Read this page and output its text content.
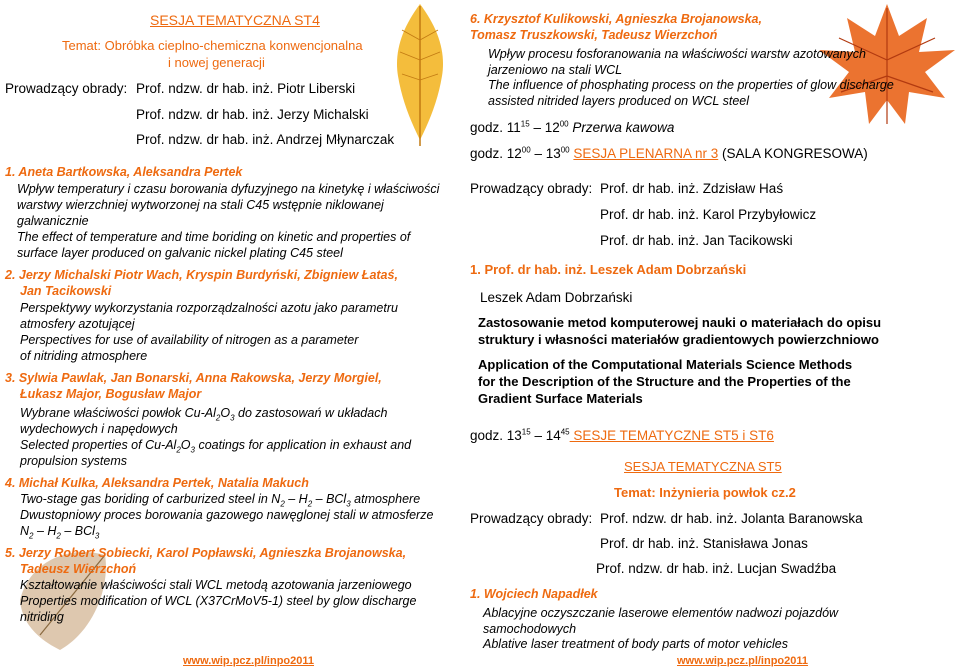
SESJA TEMATYCZNA ST4
Temat: Obróbka cieplno-chemiczna konwencjonalna
i nowej generacji
Prowadzący obrady: Prof. ndzw. dr hab. inż. Piotr Liberski
Prof. ndzw. dr hab. inż. Jerzy Michalski
Prof. ndzw. dr hab. inż. Andrzej Młynarczak
1. Aneta Bartkowska, Aleksandra Pertek
Wpływ temperatury i czasu borowania dyfuzyjnego na kinetykę i właściwości
warstwy wierzchniej wytworzonej na stali C45 wstępnie niklowanej
galwanicznie
The effect of temperature and time boriding on kinetic and properties of
surface layer produced on galvanic nickel plating C45 steel
2. Jerzy Michalski Piotr Wach, Kryspin Burdyński, Zbigniew Łataś,
Jan Tacikowski
Perspektywy wykorzystania rozporządzalności azotu jako parametru
atmosfery azotującej
Perspectives for use of availability of nitrogen as a parameter
of nitriding atmosphere
3. Sylwia Pawlak, Jan Bonarski, Anna Rakowska, Jerzy Morgiel,
Łukasz Major, Bogusław Major
Wybrane właściwości powłok $Cu-Al_2O_3$ do zastosowań w układach
wydechowych i napędowych
Selected properties of $Cu-Al_2O_3$ coatings for application in exhaust and
propulsion systems
4. Michał Kulka, Aleksandra Pertek, Natalia Makuch
Two-stage gas boriding of carburized steel in $N_2 - H_2 - BCl_3$ atmosphere
Dwustopniowy proces borowania gazowego nawęglonej stali w atmosferze
$N_2 - H_2 - BCl_3$
5. Jerzy Robert Sobiecki, Karol Popławski, Agnieszka Brojanowska,
Tadeusz Wierzchoń
Kształtowanie właściwości stali WCL metodą azotowania jarzeniowego
Properties modification of WCL (X37CrMoV5-1) steel by glow discharge
nitriding
www.wip.pcz.pl/inpo2011
6. Krzysztof Kulikowski, Agnieszka Brojanowska,
Tomasz Truszkowski, Tadeusz Wierzchoń
Wpływ procesu fosforanowania na właściwości warstw azotowanych
jarzeniowo na stali WCL
The influence of phosphating process on the properties of glow discharge
assisted nitrided layers produced on WCL steel
godz. $11^{15} - 12^{00}$ Przerwa kawowa
godz. $12^{00} - 13^{00}$ SESJA PLENARNA nr 3 (SALA KONGRESOWA)
Prowadzący obrady: Prof. dr hab. inż. Zdzisław Haś
Prof. dr hab. inż. Karol Przybyłowicz
Prof. dr hab. inż. Jan Tacikowski
1. Prof. dr hab. inż. Leszek Adam Dobrzański
Leszek Adam Dobrzański
Zastosowanie metod komputerowej nauki o materiałach do opisu
struktury i własności materiałów gradientowych powierzchniowo
Application of the Computational Materials Science Methods
for the Description of the Structure and the Properties of the
Gradient Surface Materials
godz. $13^{15} - 14^{45}$ SESJE TEMATYCZNE ST5 i ST6
SESJA TEMATYCZNA ST5
Temat: Inżynieria powłok cz.2
Prowadzący obrady: Prof. ndzw. dr hab. inż. Jolanta Baranowska
Prof. dr hab. inż. Stanisława Jonas
Prof. ndzw. dr hab. inż. Lucjan Swadźba
1. Wojciech Napadłek
Ablacyjne oczyszczanie laserowe elementów nadwozi pojazdów
samochodowych
Ablative laser treatment of body parts of motor vehicles
www.wip.pcz.pl/inpo2011
